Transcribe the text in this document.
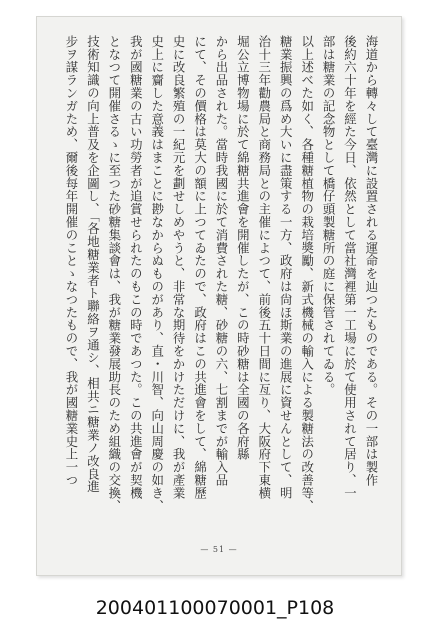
海道から轉々して臺灣に設置される運命を辿つたものである。その一部は製作
後約六十年を經た今日、依然として當社灣裡第一工場に於て使用されて居り、一
部は糖業の記念物として橋仔頭製糖所の庭に保管されてゐる。
以上述べた如く、各種糖植物の栽培奬勵、新式機械の輸入による製糖法の改善等、
糖業振興の爲め大いに盡策する一方、政府は尙ほ斯業の進展に資せんとして、明
治十三年勸農局と商務局との主催によつて、前後五十日間に亙り、大阪府下東横
堀公立博物場に於て綿糖共進會を開催したが、この時砂糖は全國の各府縣
から出品された。當時我國に於て消費された糖、砂糖の六、七割までが輸入品
にて、その價格は莫大の額に上つてゐたので、政府はこの共進會をして、綿糖歷
史に改良繁殖の一紀元を劃せしめやうと、非常な期待をかけただけに、我が產業
史上に齎した意義はまことに尠なからぬものがあり、直・川智、向山周慶の如き、
我が國糖業の古い功勞者が追賞せられたのもこの時であつた。この共進會が契機
となつて開催さるゝに至つた砂糖集談會は、我が糖業發展助長のため組織の交換、
技術知識の向上普及を企圖し、「各地糖業者ト聯絡ヲ通シ、相共ニ糖業ノ改良進
步ヲ謀ランガため、爾後每年開催のことゝなつたもので、我が國糖業史上一つ
— 51 —
200401100070001_P108
